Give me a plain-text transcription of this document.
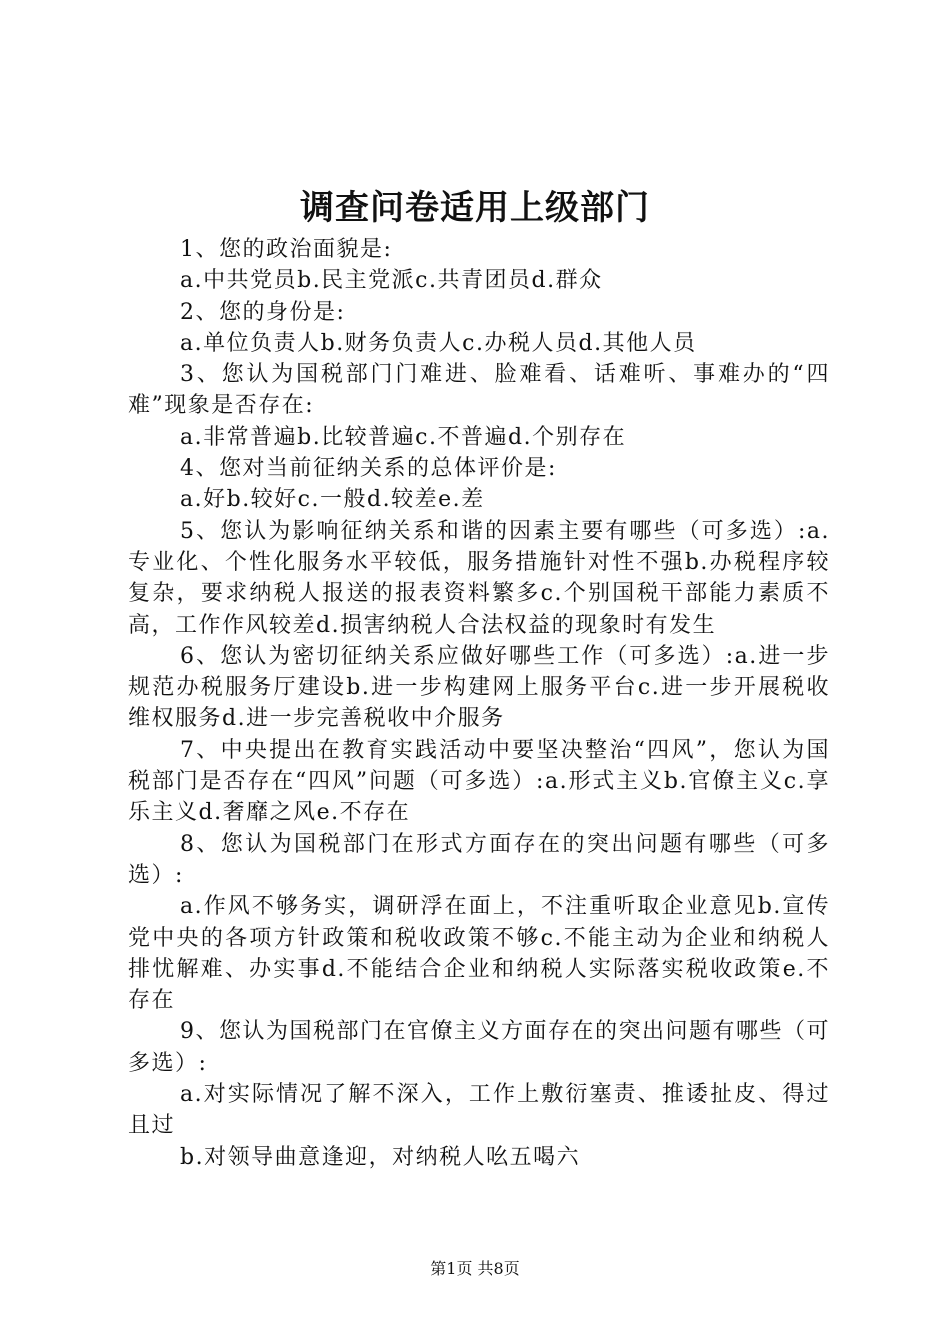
调查问卷适用上级部门

1、您的政治面貌是:

a.中共党员b.民主党派c.共青团员d.群众

2、您的身份是:

a.单位负责人b.财务负责人c.办税人员d.其他人员

3、您认为国税部门门难进、脸难看、话难听、事难办的“四难”现象是否存在:

a.非常普遍b.比较普遍c.不普遍d.个别存在

4、您对当前征纳关系的总体评价是:

a.好b.较好c.一般d.较差e.差

5、您认为影响征纳关系和谐的因素主要有哪些（可多选）:a.专业化、个性化服务水平较低，服务措施针对性不强b.办税程序较复杂，要求纳税人报送的报表资料繁多c.个别国税干部能力素质不高，工作作风较差d.损害纳税人合法权益的现象时有发生

6、您认为密切征纳关系应做好哪些工作（可多选）:a.进一步规范办税服务厅建设b.进一步构建网上服务平台c.进一步开展税收维权服务d.进一步完善税收中介服务

7、中央提出在教育实践活动中要坚决整治“四风”，您认为国税部门是否存在“四风”问题（可多选）:a.形式主义b.官僚主义c.享乐主义d.奢靡之风e.不存在

8、您认为国税部门在形式方面存在的突出问题有哪些（可多选）:

a.作风不够务实，调研浮在面上，不注重听取企业意见b.宣传党中央的各项方针政策和税收政策不够c.不能主动为企业和纳税人排忧解难、办实事d.不能结合企业和纳税人实际落实税收政策e.不存在

9、您认为国税部门在官僚主义方面存在的突出问题有哪些（可多选）:

a.对实际情况了解不深入，工作上敷衍塞责、推诿扯皮、得过且过

b.对领导曲意逢迎，对纳税人吆五喝六

第1页 共8页
